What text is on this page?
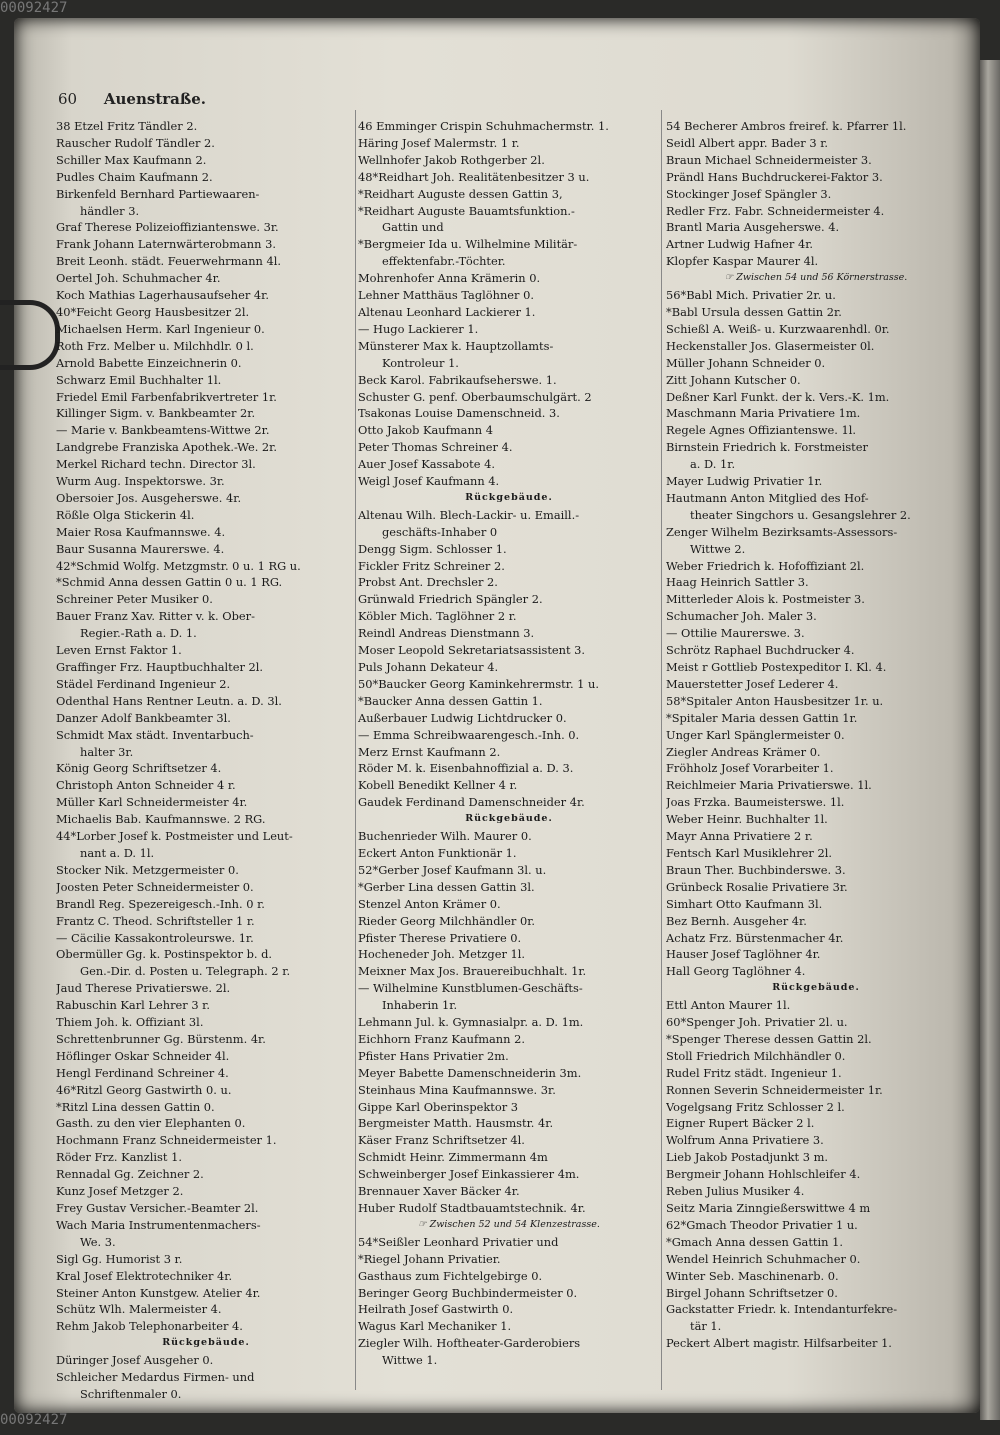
00092427
00092427
60 Auenstraße.
38 Etzel Fritz Tändler 2.
Rauscher Rudolf Tändler 2.
Schiller Max Kaufmann 2.
Pudles Chaim Kaufmann 2.
Birkenfeld Bernhard Partiewaaren-
händler 3.
Graf Therese Polizeioffiziantenswe. 3r.
Frank Johann Laternwärterobmann 3.
Breit Leonh. städt. Feuerwehrmann 4l.
Oertel Joh. Schuhmacher 4r.
Koch Mathias Lagerhausaufseher 4r.
40*Feicht Georg Hausbesitzer 2l.
Michaelsen Herm. Karl Ingenieur 0.
Roth Frz. Melber u. Milchhdlr. 0 l.
Arnold Babette Einzeichnerin 0.
Schwarz Emil Buchhalter 1l.
Friedel Emil Farbenfabrikvertreter 1r.
Killinger Sigm. v. Bankbeamter 2r.
— Marie v. Bankbeamtens-Wittwe 2r.
Landgrebe Franziska Apothek.-We. 2r.
Merkel Richard techn. Director 3l.
Wurm Aug. Inspektorswe. 3r.
Obersoier Jos. Ausgeherswe. 4r.
Rößle Olga Stickerin 4l.
Maier Rosa Kaufmannswe. 4.
Baur Susanna Maurerswe. 4.
42*Schmid Wolfg. Metzgmstr. 0 u. 1 RG u.
*Schmid Anna dessen Gattin 0 u. 1 RG.
Schreiner Peter Musiker 0.
Bauer Franz Xav. Ritter v. k. Ober-
Regier.-Rath a. D. 1.
Leven Ernst Faktor 1.
Graffinger Frz. Hauptbuchhalter 2l.
Städel Ferdinand Ingenieur 2.
Odenthal Hans Rentner Leutn. a. D. 3l.
Danzer Adolf Bankbeamter 3l.
Schmidt Max städt. Inventarbuch-
halter 3r.
König Georg Schriftsetzer 4.
Christoph Anton Schneider 4 r.
Müller Karl Schneidermeister 4r.
Michaelis Bab. Kaufmannswe. 2 RG.
44*Lorber Josef k. Postmeister und Leut-
nant a. D. 1l.
Stocker Nik. Metzgermeister 0.
Joosten Peter Schneidermeister 0.
Brandl Reg. Spezereigesch.-Inh. 0 r.
Frantz C. Theod. Schriftsteller 1 r.
— Cäcilie Kassakontroleurswe. 1r.
Obermüller Gg. k. Postinspektor b. d.
Gen.-Dir. d. Posten u. Telegraph. 2 r.
Jaud Therese Privatierswe. 2l.
Rabuschin Karl Lehrer 3 r.
Thiem Joh. k. Offiziant 3l.
Schrettenbrunner Gg. Bürstenm. 4r.
Höflinger Oskar Schneider 4l.
Hengl Ferdinand Schreiner 4.
46*Ritzl Georg Gastwirth 0. u.
*Ritzl Lina dessen Gattin 0.
Gasth. zu den vier Elephanten 0.
Hochmann Franz Schneidermeister 1.
Röder Frz. Kanzlist 1.
Rennadal Gg. Zeichner 2.
Kunz Josef Metzger 2.
Frey Gustav Versicher.-Beamter 2l.
Wach Maria Instrumentenmachers-
We. 3.
Sigl Gg. Humorist 3 r.
Kral Josef Elektrotechniker 4r.
Steiner Anton Kunstgew. Atelier 4r.
Schütz Wlh. Malermeister 4.
Rehm Jakob Telephonarbeiter 4.
Rückgebäude.
Düringer Josef Ausgeher 0.
Schleicher Medardus Firmen- und
Schriftenmaler 0.
46 Emminger Crispin Schuhmachermstr. 1.
Häring Josef Malermstr. 1 r.
Wellnhofer Jakob Rothgerber 2l.
48*Reidhart Joh. Realitätenbesitzer 3 u.
*Reidhart Auguste dessen Gattin 3,
*Reidhart Auguste Bauamtsfunktion.-
Gattin und
*Bergmeier Ida u. Wilhelmine Militär-
effektenfabr.-Töchter.
Mohrenhofer Anna Krämerin 0.
Lehner Matthäus Taglöhner 0.
Altenau Leonhard Lackierer 1.
— Hugo Lackierer 1.
Münsterer Max k. Hauptzollamts-
Kontroleur 1.
Beck Karol. Fabrikaufseherswe. 1.
Schuster G. penf. Oberbaumschulgärt. 2
Tsakonas Louise Damenschneid. 3.
Otto Jakob Kaufmann 4
Peter Thomas Schreiner 4.
Auer Josef Kassabote 4.
Weigl Josef Kaufmann 4.
Rückgebäude.
Altenau Wilh. Blech-Lackir- u. Emaill.-
geschäfts-Inhaber 0
Dengg Sigm. Schlosser 1.
Fickler Fritz Schreiner 2.
Probst Ant. Drechsler 2.
Grünwald Friedrich Spängler 2.
Köbler Mich. Taglöhner 2 r.
Reindl Andreas Dienstmann 3.
Moser Leopold Sekretariatsassistent 3.
Puls Johann Dekateur 4.
50*Baucker Georg Kaminkehrermstr. 1 u.
*Baucker Anna dessen Gattin 1.
Außerbauer Ludwig Lichtdrucker 0.
— Emma Schreibwaarengesch.-Inh. 0.
Merz Ernst Kaufmann 2.
Röder M. k. Eisenbahnoffizial a. D. 3.
Kobell Benedikt Kellner 4 r.
Gaudek Ferdinand Damenschneider 4r.
Rückgebäude.
Buchenrieder Wilh. Maurer 0.
Eckert Anton Funktionär 1.
52*Gerber Josef Kaufmann 3l. u.
*Gerber Lina dessen Gattin 3l.
Stenzel Anton Krämer 0.
Rieder Georg Milchhändler 0r.
Pfister Therese Privatiere 0.
Hocheneder Joh. Metzger 1l.
Meixner Max Jos. Brauereibuchhalt. 1r.
— Wilhelmine Kunstblumen-Geschäfts-
Inhaberin 1r.
Lehmann Jul. k. Gymnasialpr. a. D. 1m.
Eichhorn Franz Kaufmann 2.
Pfister Hans Privatier 2m.
Meyer Babette Damenschneiderin 3m.
Steinhaus Mina Kaufmannswe. 3r.
Gippe Karl Oberinspektor 3
Bergmeister Matth. Hausmstr. 4r.
Käser Franz Schriftsetzer 4l.
Schmidt Heinr. Zimmermann 4m
Schweinberger Josef Einkassierer 4m.
Brennauer Xaver Bäcker 4r.
Huber Rudolf Stadtbauamtstechnik. 4r.
☞ Zwischen 52 und 54 Klenzestrasse.
54*Seißler Leonhard Privatier und
*Riegel Johann Privatier.
Gasthaus zum Fichtelgebirge 0.
Beringer Georg Buchbindermeister 0.
Heilrath Josef Gastwirth 0.
Wagus Karl Mechaniker 1.
Ziegler Wilh. Hoftheater-Garderobiers
Wittwe 1.
54 Becherer Ambros freiref. k. Pfarrer 1l.
Seidl Albert appr. Bader 3 r.
Braun Michael Schneidermeister 3.
Prändl Hans Buchdruckerei-Faktor 3.
Stockinger Josef Spängler 3.
Redler Frz. Fabr. Schneidermeister 4.
Brantl Maria Ausgeherswe. 4.
Artner Ludwig Hafner 4r.
Klopfer Kaspar Maurer 4l.
☞ Zwischen 54 und 56 Körnerstrasse.
56*Babl Mich. Privatier 2r. u.
*Babl Ursula dessen Gattin 2r.
Schießl A. Weiß- u. Kurzwaarenhdl. 0r.
Heckenstaller Jos. Glasermeister 0l.
Müller Johann Schneider 0.
Zitt Johann Kutscher 0.
Deßner Karl Funkt. der k. Vers.-K. 1m.
Maschmann Maria Privatiere 1m.
Regele Agnes Offiziantenswe. 1l.
Birnstein Friedrich k. Forstmeister
a. D. 1r.
Mayer Ludwig Privatier 1r.
Hautmann Anton Mitglied des Hof-
theater Singchors u. Gesangslehrer 2.
Zenger Wilhelm Bezirksamts-Assessors-
Wittwe 2.
Weber Friedrich k. Hofoffiziant 2l.
Haag Heinrich Sattler 3.
Mitterleder Alois k. Postmeister 3.
Schumacher Joh. Maler 3.
— Ottilie Maurerswe. 3.
Schrötz Raphael Buchdrucker 4.
Meist r Gottlieb Postexpeditor I. Kl. 4.
Mauerstetter Josef Lederer 4.
58*Spitaler Anton Hausbesitzer 1r. u.
*Spitaler Maria dessen Gattin 1r.
Unger Karl Spänglermeister 0.
Ziegler Andreas Krämer 0.
Fröhholz Josef Vorarbeiter 1.
Reichlmeier Maria Privatierswe. 1l.
Joas Frzka. Baumeisterswe. 1l.
Weber Heinr. Buchhalter 1l.
Mayr Anna Privatiere 2 r.
Fentsch Karl Musiklehrer 2l.
Braun Ther. Buchbinderswe. 3.
Grünbeck Rosalie Privatiere 3r.
Simhart Otto Kaufmann 3l.
Bez Bernh. Ausgeher 4r.
Achatz Frz. Bürstenmacher 4r.
Hauser Josef Taglöhner 4r.
Hall Georg Taglöhner 4.
Rückgebäude.
Ettl Anton Maurer 1l.
60*Spenger Joh. Privatier 2l. u.
*Spenger Therese dessen Gattin 2l.
Stoll Friedrich Milchhändler 0.
Rudel Fritz städt. Ingenieur 1.
Ronnen Severin Schneidermeister 1r.
Vogelgsang Fritz Schlosser 2 l.
Eigner Rupert Bäcker 2 l.
Wolfrum Anna Privatiere 3.
Lieb Jakob Postadjunkt 3 m.
Bergmeir Johann Hohlschleifer 4.
Reben Julius Musiker 4.
Seitz Maria Zinngießerswittwe 4 m
62*Gmach Theodor Privatier 1 u.
*Gmach Anna dessen Gattin 1.
Wendel Heinrich Schuhmacher 0.
Winter Seb. Maschinenarb. 0.
Birgel Johann Schriftsetzer 0.
Gackstatter Friedr. k. Intendanturfekre-
tär 1.
Peckert Albert magistr. Hilfsarbeiter 1.
